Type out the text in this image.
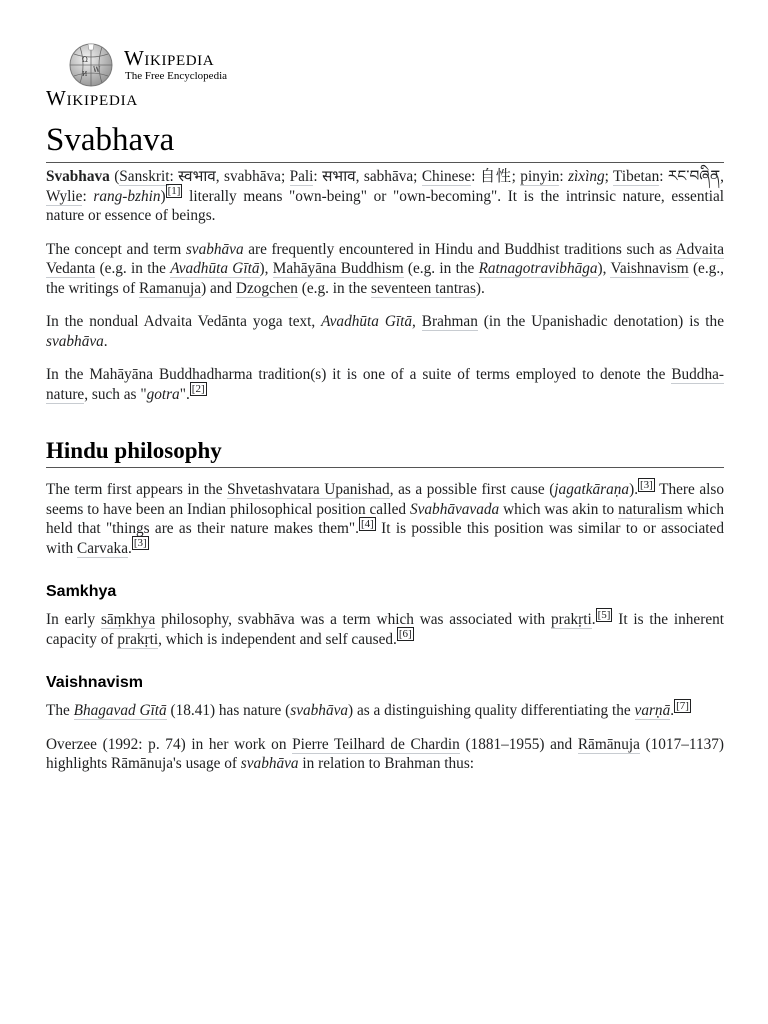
Ω
W
И
Wikipedia
The Free Encyclopedia
Wikipedia
Svabhava

Svabhava (Sanskrit: स्वभाव, svabhāva; Pali: सभाव, sabhāva; Chinese: 自性; pinyin: zìxìng; Tibetan: རང་བཞིན, Wylie: rang-bzhin) [1] literally means "own-being" or "own-becoming". It is the intrinsic nature, essential nature or essence of beings.

The concept and term svabhāva are frequently encountered in Hindu and Buddhist traditions such as Advaita Vedanta (e.g. in the Avadhūta Gītā), Mahāyāna Buddhism (e.g. in the Ratnagotravibhāga), Vaishnavism (e.g., the writings of Ramanuja) and Dzogchen (e.g. in the seventeen tantras).

In the nondual Advaita Vedānta yoga text, Avadhūta Gītā, Brahman (in the Upanishadic denotation) is the svabhāva.

In the Mahāyāna Buddhadharma tradition(s) it is one of a suite of terms employed to denote the Buddha-nature, such as "gotra". [2]

Hindu philosophy

The term first appears in the Shvetashvatara Upanishad, as a possible first cause (jagatkāraṇa). [3] There also seems to have been an Indian philosophical position called Svabhāvavada which was akin to naturalism which held that "things are as their nature makes them". [4] It is possible this position was similar to or associated with Carvaka. [3]

Samkhya

In early sāṃkhya philosophy, svabhāva was a term which was associated with prakṛti. [5] It is the inherent capacity of prakṛti, which is independent and self caused. [6]

Vaishnavism

The Bhagavad Gītā (18.41) has nature (svabhāva) as a distinguishing quality differentiating the varṇā. [7]

Overzee (1992: p. 74) in her work on Pierre Teilhard de Chardin (1881–1955) and Rāmānuja (1017–1137) highlights Rāmānuja's usage of svabhāva in relation to Brahman thus:
